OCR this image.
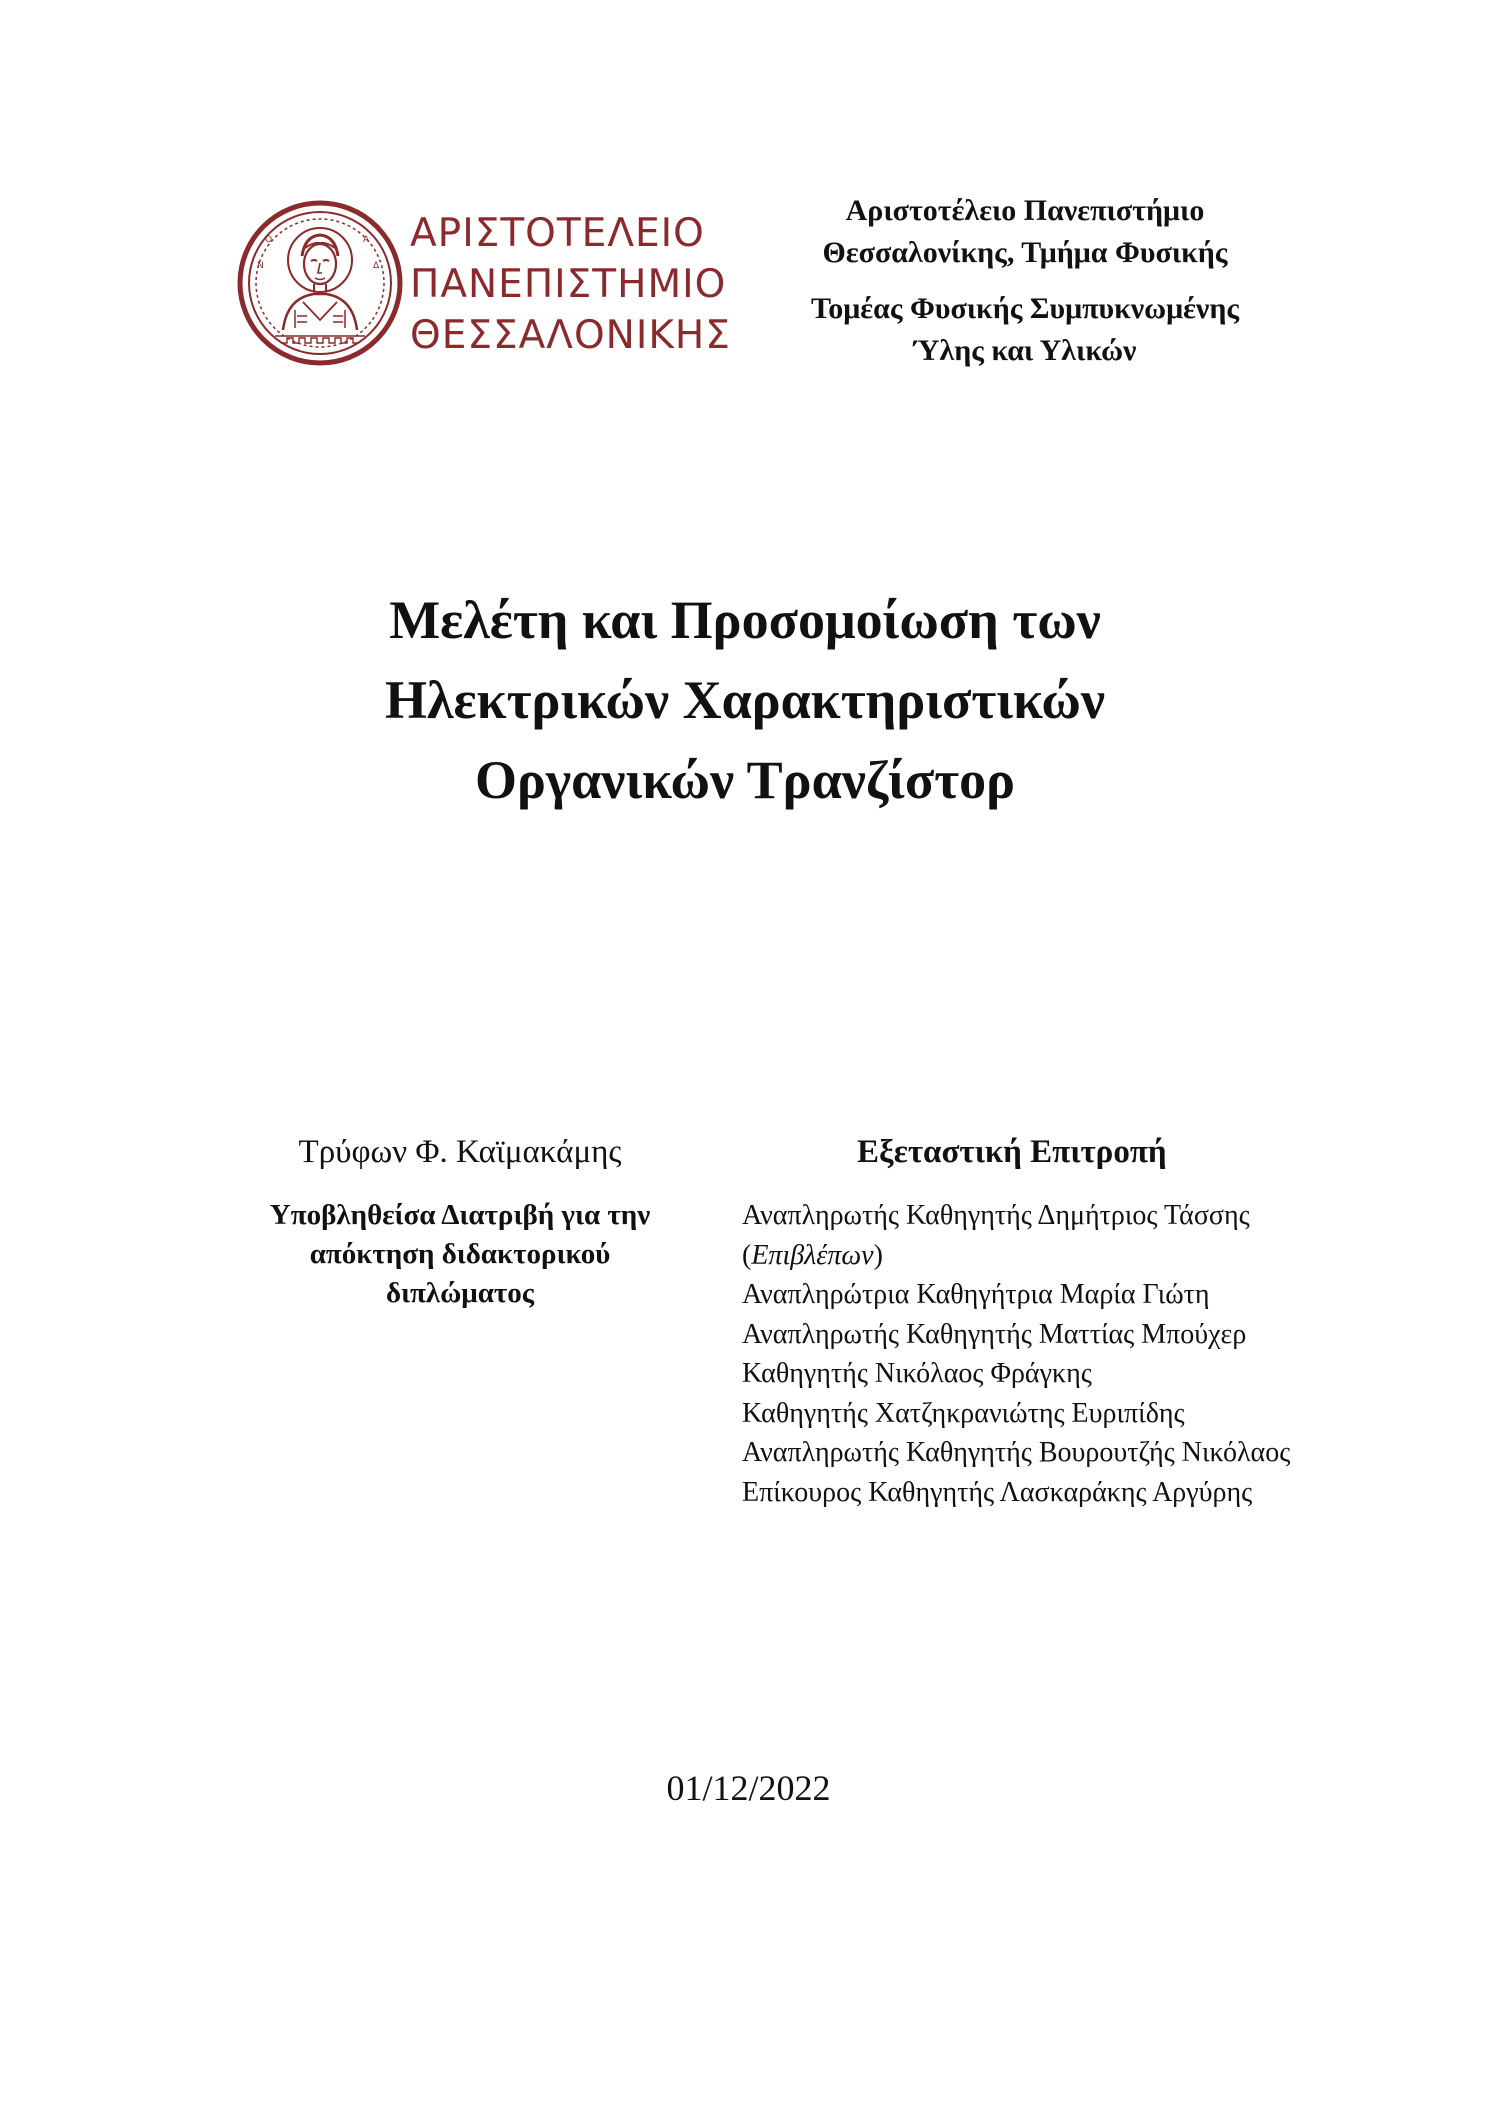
Ο	Α
Ν	Δ
ΑΡΙΣΤΟΤΕΛΕΙΟ
ΠΑΝΕΠΙΣΤΗΜΙΟ
ΘΕΣΣΑΛΟΝΙΚΗΣ
Αριστοτέλειο Πανεπιστήμιο
Θεσσαλονίκης, Τμήμα Φυσικής
Τομέας Φυσικής Συμπυκνωμένης
Ύλης και Υλικών
Μελέτη και Προσομοίωση των
Ηλεκτρικών Χαρακτηριστικών
Οργανικών Τρανζίστορ
Τρύφων Φ. Καϊμακάμης
Υποβληθείσα Διατριβή για την
απόκτηση διδακτορικού
διπλώματος
Εξεταστική Επιτροπή
Αναπληρωτής Καθηγητής Δημήτριος Τάσσης
(Επιβλέπων)
Αναπληρώτρια Καθηγήτρια Μαρία Γιώτη
Αναπληρωτής Καθηγητής Ματτίας Μπούχερ
Καθηγητής Νικόλαος Φράγκης
Καθηγητής Χατζηκρανιώτης Ευριπίδης
Αναπληρωτής Καθηγητής Βουρουτζής Νικόλαος
Επίκουρος Καθηγητής Λασκαράκης Αργύρης
01/12/2022
